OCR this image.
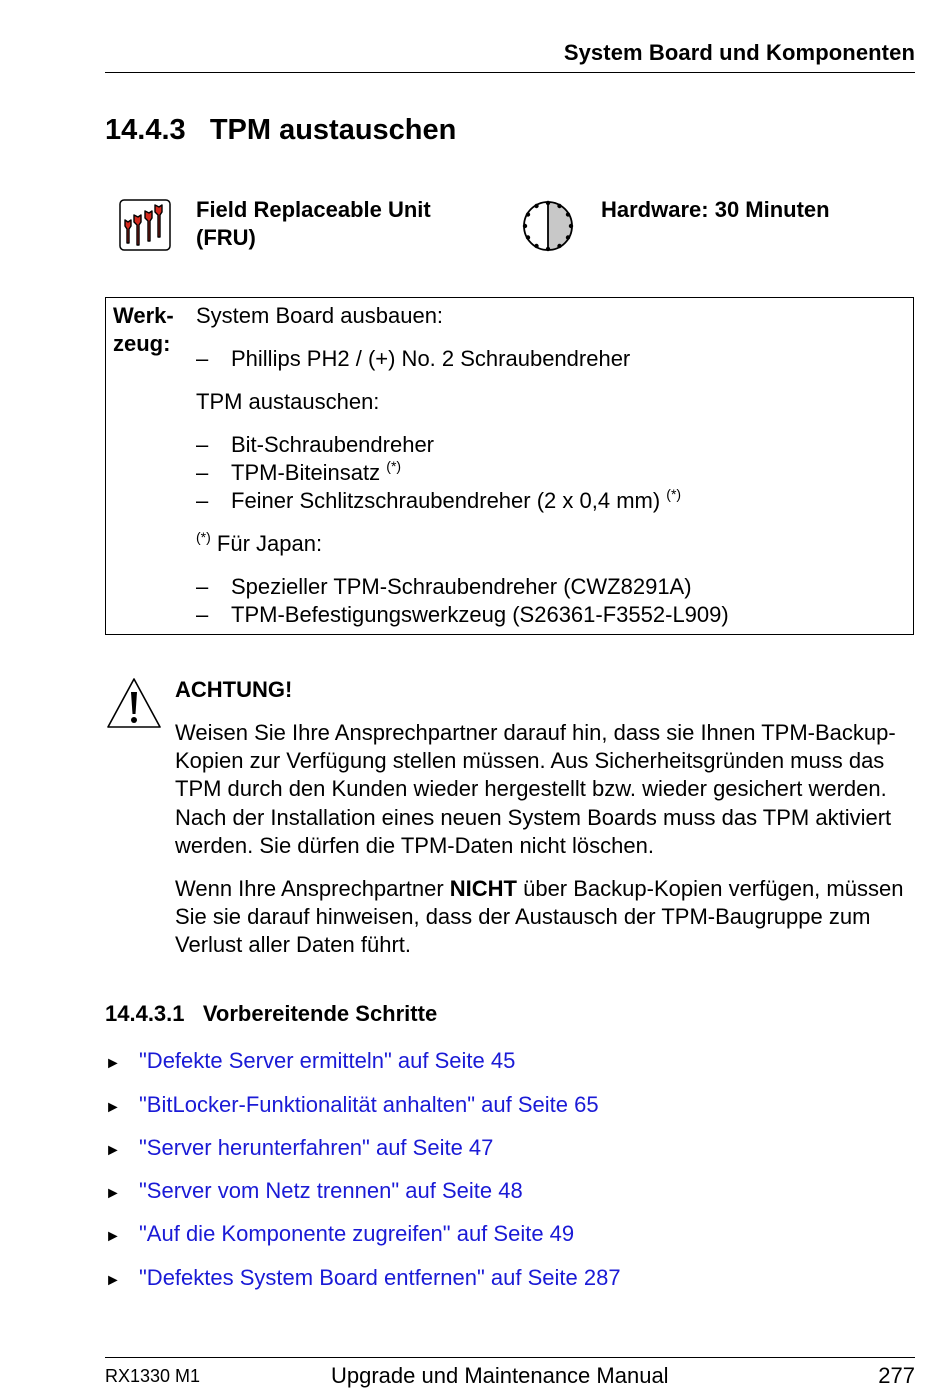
System Board und Komponenten
14.4.3 TPM austauschen
Field Replaceable Unit
(FRU)
Hardware: 30 Minuten
Werk-
zeug:
System Board ausbauen:
– Phillips PH2 / (+) No. 2 Schraubendreher
TPM austauschen:
– Bit-Schraubendreher
– TPM-Biteinsatz (*)
– Feiner Schlitzschraubendreher (2 x 0,4 mm) (*)
(*) Für Japan:
– Spezieller TPM-Schraubendreher (CWZ8291A)
– TPM-Befestigungswerkzeug (S26361-F3552-L909)
ACHTUNG!
Weisen Sie Ihre Ansprechpartner darauf hin, dass sie Ihnen TPM-Backup-Kopien zur Verfügung stellen müssen. Aus Sicherheitsgründen muss das TPM durch den Kunden wieder hergestellt bzw. wieder gesichert werden. Nach der Installation eines neuen System Boards muss das TPM aktiviert werden. Sie dürfen die TPM-Daten nicht löschen.
Wenn Ihre Ansprechpartner NICHT über Backup-Kopien verfügen, müssen Sie sie darauf hinweisen, dass der Austausch der TPM-Baugruppe zum Verlust aller Daten führt.
14.4.3.1 Vorbereitende Schritte
► "Defekte Server ermitteln" auf Seite 45
► "BitLocker-Funktionalität anhalten" auf Seite 65
► "Server herunterfahren" auf Seite 47
► "Server vom Netz trennen" auf Seite 48
► "Auf die Komponente zugreifen" auf Seite 49
► "Defektes System Board entfernen" auf Seite 287
RX1330 M1	Upgrade und Maintenance Manual	277
